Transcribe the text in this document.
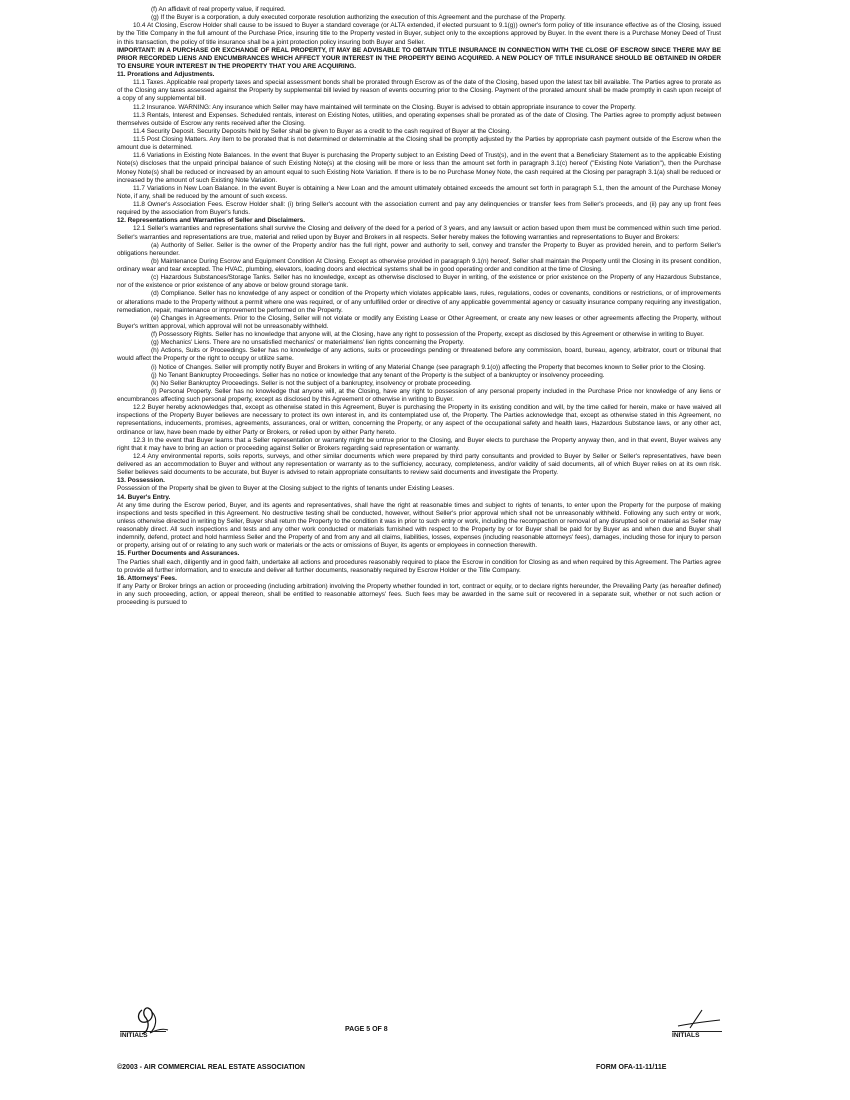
(f) An affidavit of real property value, if required.

(g) If the Buyer is a corporation, a duly executed corporate resolution authorizing the execution of this Agreement and the purchase of the Property.

10.4 At Closing, Escrow Holder shall cause to be issued to Buyer a standard coverage (or ALTA extended, if elected pursuant to 9.1(g)) owner's form policy of title insurance effective as of the Closing, issued by the Title Company in the full amount of the Purchase Price, insuring title to the Property vested in Buyer, subject only to the exceptions approved by Buyer. In the event there is a Purchase Money Deed of Trust in this transaction, the policy of title insurance shall be a joint protection policy insuring both Buyer and Seller.

IMPORTANT: IN A PURCHASE OR EXCHANGE OF REAL PROPERTY, IT MAY BE ADVISABLE TO OBTAIN TITLE INSURANCE IN CONNECTION WITH THE CLOSE OF ESCROW SINCE THERE MAY BE PRIOR RECORDED LIENS AND ENCUMBRANCES WHICH AFFECT YOUR INTEREST IN THE PROPERTY BEING ACQUIRED. A NEW POLICY OF TITLE INSURANCE SHOULD BE OBTAINED IN ORDER TO ENSURE YOUR INTEREST IN THE PROPERTY THAT YOU ARE ACQUIRING.

11. Prorations and Adjustments.

11.1 Taxes. Applicable real property taxes and special assessment bonds shall be prorated through Escrow as of the date of the Closing, based upon the latest tax bill available. The Parties agree to prorate as of the Closing any taxes assessed against the Property by supplemental bill levied by reason of events occurring prior to the Closing. Payment of the prorated amount shall be made promptly in cash upon receipt of a copy of any supplemental bill.

11.2 Insurance. WARNING: Any insurance which Seller may have maintained will terminate on the Closing. Buyer is advised to obtain appropriate insurance to cover the Property.

11.3 Rentals, Interest and Expenses. Scheduled rentals, interest on Existing Notes, utilities, and operating expenses shall be prorated as of the date of Closing. The Parties agree to promptly adjust between themselves outside of Escrow any rents received after the Closing.

11.4 Security Deposit. Security Deposits held by Seller shall be given to Buyer as a credit to the cash required of Buyer at the Closing.

11.5 Post Closing Matters. Any item to be prorated that is not determined or determinable at the Closing shall be promptly adjusted by the Parties by appropriate cash payment outside of the Escrow when the amount due is determined.

11.6 Variations in Existing Note Balances. In the event that Buyer is purchasing the Property subject to an Existing Deed of Trust(s), and in the event that a Beneficiary Statement as to the applicable Existing Note(s) discloses that the unpaid principal balance of such Existing Note(s) at the closing will be more or less than the amount set forth in paragraph 3.1(c) hereof ("Existing Note Variation"), then the Purchase Money Note(s) shall be reduced or increased by an amount equal to such Existing Note Variation. If there is to be no Purchase Money Note, the cash required at the Closing per paragraph 3.1(a) shall be reduced or increased by the amount of such Existing Note Variation.

11.7 Variations in New Loan Balance. In the event Buyer is obtaining a New Loan and the amount ultimately obtained exceeds the amount set forth in paragraph 5.1, then the amount of the Purchase Money Note, if any, shall be reduced by the amount of such excess.

11.8 Owner's Association Fees. Escrow Holder shall: (i) bring Seller's account with the association current and pay any delinquencies or transfer fees from Seller's proceeds, and (ii) pay any up front fees required by the association from Buyer's funds.

12. Representations and Warranties of Seller and Disclaimers.

12.1 Seller's warranties and representations shall survive the Closing and delivery of the deed for a period of 3 years, and any lawsuit or action based upon them must be commenced within such time period. Seller's warranties and representations are true, material and relied upon by Buyer and Brokers in all respects. Seller hereby makes the following warranties and representations to Buyer and Brokers:

(a) Authority of Seller. Seller is the owner of the Property and/or has the full right, power and authority to sell, convey and transfer the Property to Buyer as provided herein, and to perform Seller's obligations hereunder.

(b) Maintenance During Escrow and Equipment Condition At Closing. Except as otherwise provided in paragraph 9.1(n) hereof, Seller shall maintain the Property until the Closing in its present condition, ordinary wear and tear excepted. The HVAC, plumbing, elevators, loading doors and electrical systems shall be in good operating order and condition at the time of Closing.

(c) Hazardous Substances/Storage Tanks. Seller has no knowledge, except as otherwise disclosed to Buyer in writing, of the existence or prior existence on the Property of any Hazardous Substance, nor of the existence or prior existence of any above or below ground storage tank.

(d) Compliance. Seller has no knowledge of any aspect or condition of the Property which violates applicable laws, rules, regulations, codes or covenants, conditions or restrictions, or of improvements or alterations made to the Property without a permit where one was required, or of any unfulfilled order or directive of any applicable governmental agency or casualty insurance company requiring any investigation, remediation, repair, maintenance or improvement be performed on the Property.

(e) Changes in Agreements. Prior to the Closing, Seller will not violate or modify any Existing Lease or Other Agreement, or create any new leases or other agreements affecting the Property, without Buyer's written approval, which approval will not be unreasonably withheld.

(f) Possessory Rights. Seller has no knowledge that anyone will, at the Closing, have any right to possession of the Property, except as disclosed by this Agreement or otherwise in writing to Buyer.

(g) Mechanics' Liens. There are no unsatisfied mechanics' or materialmens' lien rights concerning the Property.

(h) Actions, Suits or Proceedings. Seller has no knowledge of any actions, suits or proceedings pending or threatened before any commission, board, bureau, agency, arbitrator, court or tribunal that would affect the Property or the right to occupy or utilize same.

(i) Notice of Changes. Seller will promptly notify Buyer and Brokers in writing of any Material Change (see paragraph 9.1(o)) affecting the Property that becomes known to Seller prior to the Closing.

(j) No Tenant Bankruptcy Proceedings. Seller has no notice or knowledge that any tenant of the Property is the subject of a bankruptcy or insolvency proceeding.

(k) No Seller Bankruptcy Proceedings. Seller is not the subject of a bankruptcy, insolvency or probate proceeding.

(l) Personal Property. Seller has no knowledge that anyone will, at the Closing, have any right to possession of any personal property included in the Purchase Price nor knowledge of any liens or encumbrances affecting such personal property, except as disclosed by this Agreement or otherwise in writing to Buyer.

12.2 Buyer hereby acknowledges that, except as otherwise stated in this Agreement, Buyer is purchasing the Property in its existing condition and will, by the time called for herein, make or have waived all inspections of the Property Buyer believes are necessary to protect its own interest in, and its contemplated use of, the Property. The Parties acknowledge that, except as otherwise stated in this Agreement, no representations, inducements, promises, agreements, assurances, oral or written, concerning the Property, or any aspect of the occupational safety and health laws, Hazardous Substance laws, or any other act, ordinance or law, have been made by either Party or Brokers, or relied upon by either Party hereto.

12.3 In the event that Buyer learns that a Seller representation or warranty might be untrue prior to the Closing, and Buyer elects to purchase the Property anyway then, and in that event, Buyer waives any right that it may have to bring an action or proceeding against Seller or Brokers regarding said representation or warranty.

12.4 Any environmental reports, soils reports, surveys, and other similar documents which were prepared by third party consultants and provided to Buyer by Seller or Seller's representatives, have been delivered as an accommodation to Buyer and without any representation or warranty as to the sufficiency, accuracy, completeness, and/or validity of said documents, all of which Buyer relies on at its own risk. Seller believes said documents to be accurate, but Buyer is advised to retain appropriate consultants to review said documents and investigate the Property.

13. Possession.

Possession of the Property shall be given to Buyer at the Closing subject to the rights of tenants under Existing Leases.

14. Buyer's Entry.

At any time during the Escrow period, Buyer, and its agents and representatives, shall have the right at reasonable times and subject to rights of tenants, to enter upon the Property for the purpose of making inspections and tests specified in this Agreement. No destructive testing shall be conducted, however, without Seller's prior approval which shall not be unreasonably withheld. Following any such entry or work, unless otherwise directed in writing by Seller, Buyer shall return the Property to the condition it was in prior to such entry or work, including the recompaction or removal of any disrupted soil or material as Seller may reasonably direct. All such inspections and tests and any other work conducted or materials furnished with respect to the Property by or for Buyer shall be paid for by Buyer as and when due and Buyer shall indemnify, defend, protect and hold harmless Seller and the Property of and from any and all claims, liabilities, losses, expenses (including reasonable attorneys' fees), damages, including those for injury to person or property, arising out of or relating to any such work or materials or the acts or omissions of Buyer, its agents or employees in connection therewith.

15. Further Documents and Assurances.

The Parties shall each, diligently and in good faith, undertake all actions and procedures reasonably required to place the Escrow in condition for Closing as and when required by this Agreement. The Parties agree to provide all further information, and to execute and deliver all further documents, reasonably required by Escrow Holder or the Title Company.

16. Attorneys' Fees.

If any Party or Broker brings an action or proceeding (including arbitration) involving the Property whether founded in tort, contract or equity, or to declare rights hereunder, the Prevailing Party (as hereafter defined) in any such proceeding, action, or appeal thereon, shall be entitled to reasonable attorneys' fees. Such fees may be awarded in the same suit or recovered in a separate suit, whether or not such action or proceeding is pursued to

INITIALS
PAGE 5 OF 8
INITIALS
©2003 - AIR COMMERCIAL REAL ESTATE ASSOCIATION	FORM OFA-11-11/11E
